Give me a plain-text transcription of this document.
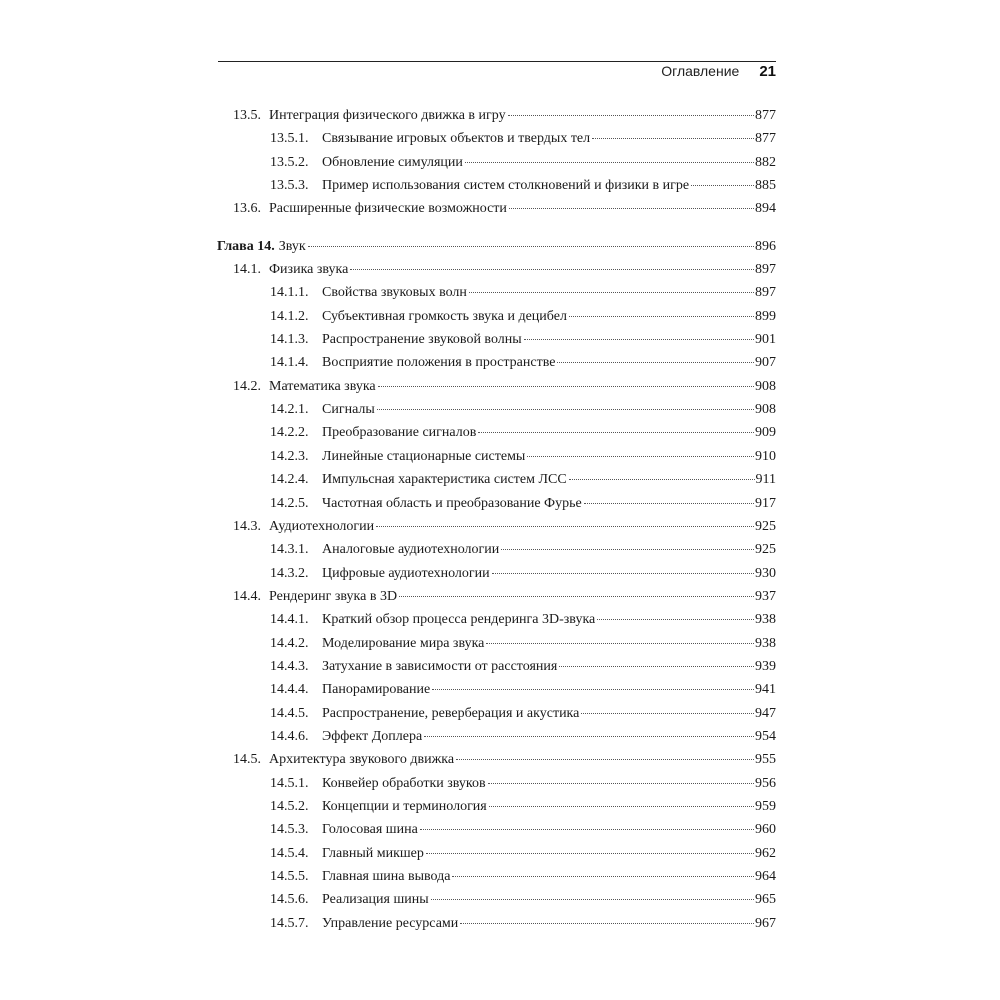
Оглавление 21
13.5. Интеграция физического движка в игру	877
13.5.1. Связывание игровых объектов и твердых тел	877
13.5.2. Обновление симуляции	882
13.5.3. Пример использования систем столкновений и физики в игре	885
13.6. Расширенные физические возможности	894
Глава 14. Звук	896
14.1. Физика звука	897
14.1.1. Свойства звуковых волн	897
14.1.2. Субъективная громкость звука и децибел	899
14.1.3. Распространение звуковой волны	901
14.1.4. Восприятие положения в пространстве	907
14.2. Математика звука	908
14.2.1. Сигналы	908
14.2.2. Преобразование сигналов	909
14.2.3. Линейные стационарные системы	910
14.2.4. Импульсная характеристика систем ЛСС	911
14.2.5. Частотная область и преобразование Фурье	917
14.3. Аудиотехнологии	925
14.3.1. Аналоговые аудиотехнологии	925
14.3.2. Цифровые аудиотехнологии	930
14.4. Рендеринг звука в 3D	937
14.4.1. Краткий обзор процесса рендеринга 3D-звука	938
14.4.2. Моделирование мира звука	938
14.4.3. Затухание в зависимости от расстояния	939
14.4.4. Панорамирование	941
14.4.5. Распространение, реверберация и акустика	947
14.4.6. Эффект Доплера	954
14.5. Архитектура звукового движка	955
14.5.1. Конвейер обработки звуков	956
14.5.2. Концепции и терминология	959
14.5.3. Голосовая шина	960
14.5.4. Главный микшер	962
14.5.5. Главная шина вывода	964
14.5.6. Реализация шины	965
14.5.7. Управление ресурсами	967
